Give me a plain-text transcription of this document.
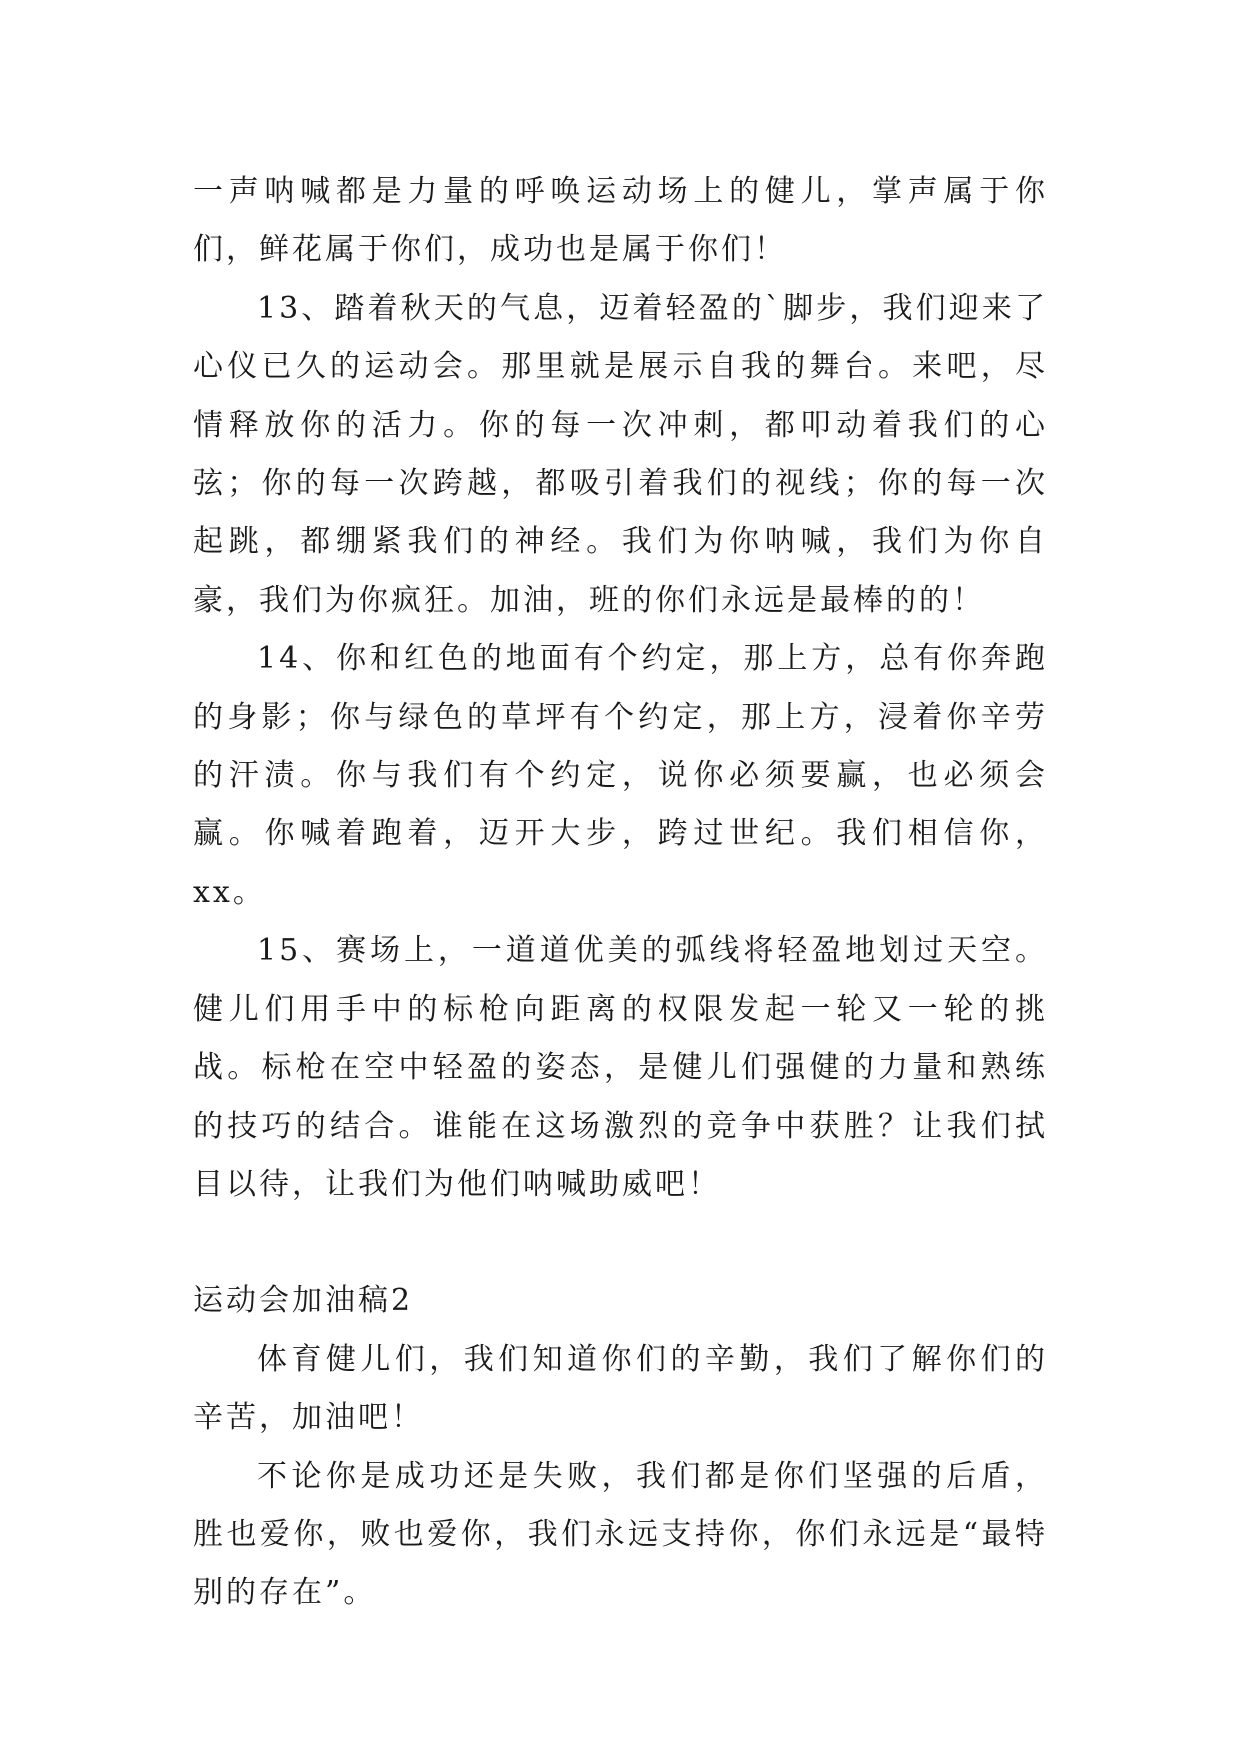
一声呐喊都是力量的呼唤运动场上的健儿，掌声属于你们，鲜花属于你们，成功也是属于你们！

13、踏着秋天的气息，迈着轻盈的`脚步，我们迎来了心仪已久的运动会。那里就是展示自我的舞台。来吧，尽情释放你的活力。你的每一次冲刺，都叩动着我们的心弦；你的每一次跨越，都吸引着我们的视线；你的每一次起跳，都绷紧我们的神经。我们为你呐喊，我们为你自豪，我们为你疯狂。加油，班的你们永远是最棒的的！

14、你和红色的地面有个约定，那上方，总有你奔跑的身影；你与绿色的草坪有个约定，那上方，浸着你辛劳的汗渍。你与我们有个约定，说你必须要赢，也必须会赢。你喊着跑着，迈开大步，跨过世纪。我们相信你，xx。

15、赛场上，一道道优美的弧线将轻盈地划过天空。健儿们用手中的标枪向距离的权限发起一轮又一轮的挑战。标枪在空中轻盈的姿态，是健儿们强健的力量和熟练的技巧的结合。谁能在这场激烈的竞争中获胜？让我们拭目以待，让我们为他们呐喊助威吧！

运动会加油稿2

体育健儿们，我们知道你们的辛勤，我们了解你们的辛苦，加油吧！

不论你是成功还是失败，我们都是你们坚强的后盾，胜也爱你，败也爱你，我们永远支持你，你们永远是“最特别的存在”。
